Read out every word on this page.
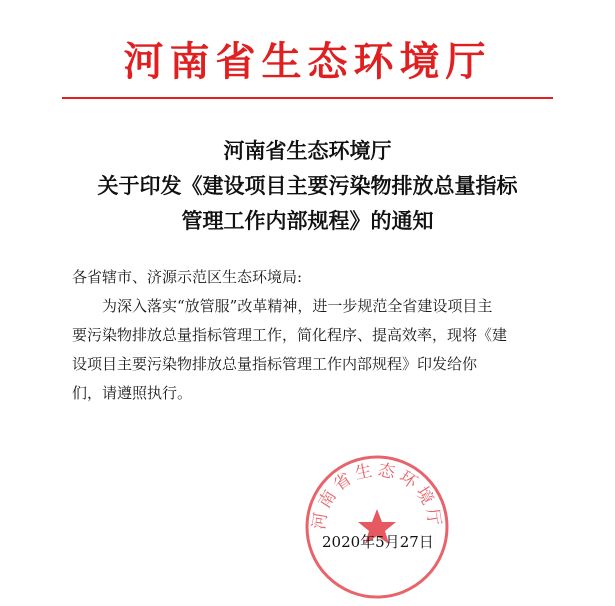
河南省生态环境厅
河南省生态环境厅
关于印发《建设项目主要污染物排放总量指标
管理工作内部规程》的通知
各省辖市、济源示范区生态环境局:
为深入落实“放管服”改革精神，进一步规范全省建设项目主
要污染物排放总量指标管理工作，简化程序、提高效率，现将《建
设项目主要污染物排放总量指标管理工作内部规程》印发给你
们，请遵照执行。
河南省生态环境厅
2020年5月27日
